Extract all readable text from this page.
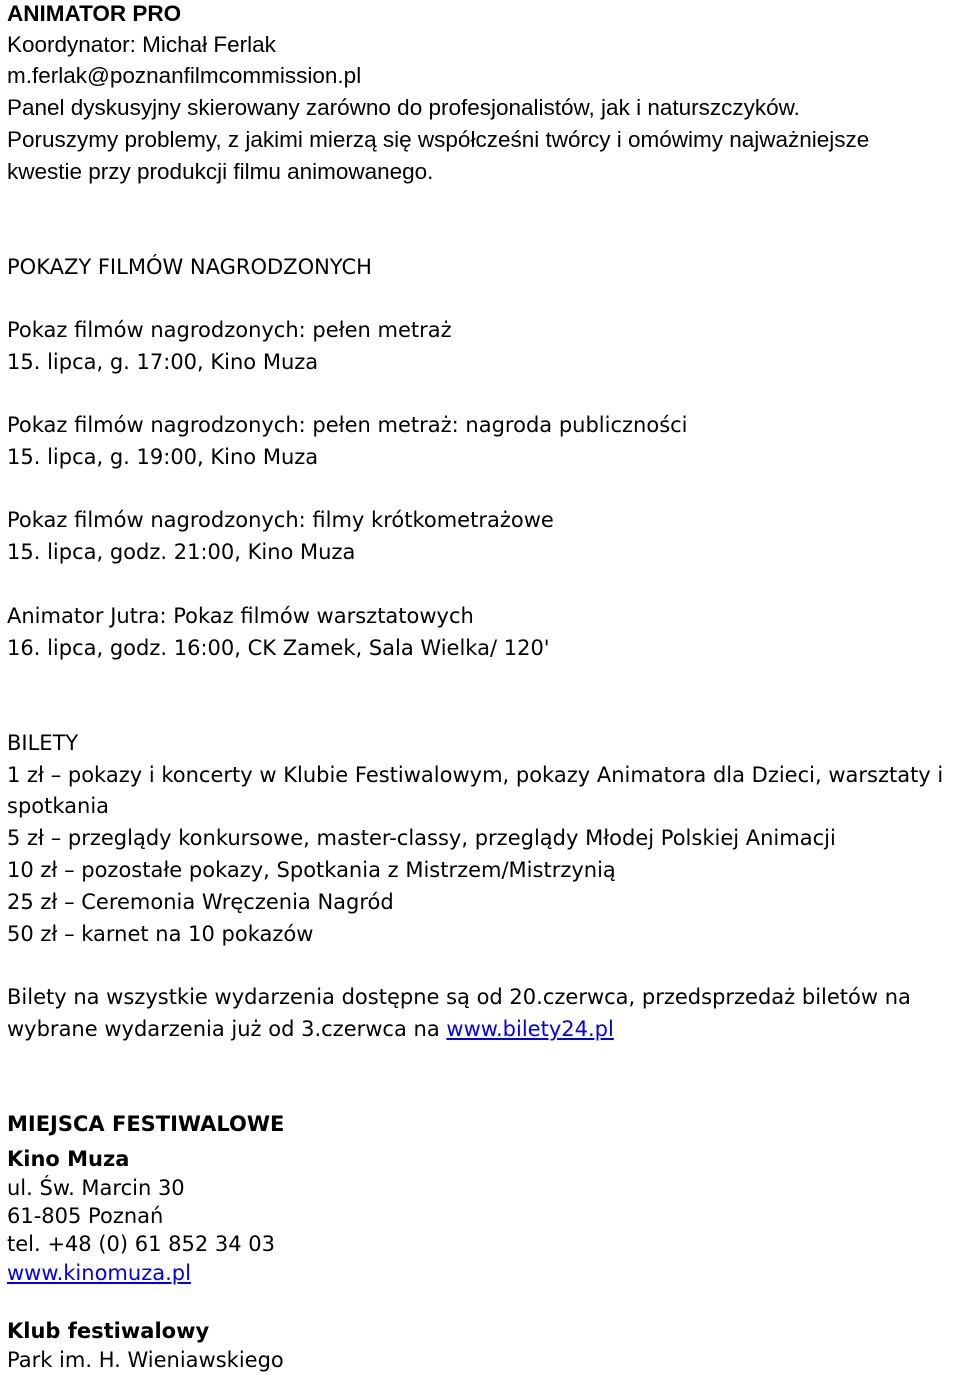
ANIMATOR PRO
Koordynator: Michał Ferlak
m.ferlak@poznanfilmcommission.pl
Panel dyskusyjny skierowany zarówno do profesjonalistów, jak i naturszczyków.
Poruszymy problemy, z jakimi mierzą się współcześni twórcy i omówimy najważniejsze
kwestie przy produkcji filmu animowanego.
POKAZY FILMÓW NAGRODZONYCH
Pokaz filmów nagrodzonych: pełen metraż
15. lipca, g. 17:00, Kino Muza
Pokaz filmów nagrodzonych: pełen metraż: nagroda publiczności
15. lipca, g. 19:00, Kino Muza
Pokaz filmów nagrodzonych: filmy krótkometrażowe
15. lipca, godz. 21:00, Kino Muza
Animator Jutra: Pokaz filmów warsztatowych
16. lipca, godz. 16:00, CK Zamek, Sala Wielka/ 120'
BILETY
1 zł – pokazy i koncerty w Klubie Festiwalowym, pokazy Animatora dla Dzieci, warsztaty i
spotkania
5 zł – przeglądy konkursowe, master-classy, przeglądy Młodej Polskiej Animacji
10 zł – pozostałe pokazy, Spotkania z Mistrzem/Mistrzynią
25 zł – Ceremonia Wręczenia Nagród
50 zł – karnet na 10 pokazów
Bilety na wszystkie wydarzenia dostępne są od 20.czerwca, przedsprzedaż biletów na
wybrane wydarzenia już od 3.czerwca na www.bilety24.pl
MIEJSCA FESTIWALOWE
Kino Muza
ul. Św. Marcin 30
61-805 Poznań
tel. +48 (0) 61 852 34 03
www.kinomuza.pl
Klub festiwalowy
Park im. H. Wieniawskiego
